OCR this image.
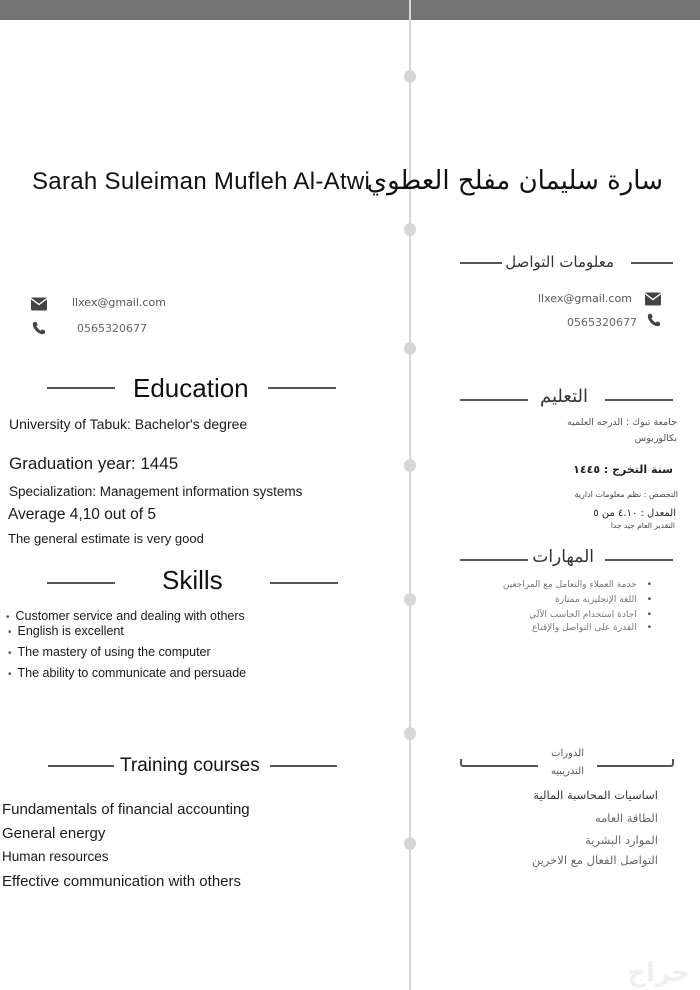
Sarah Suleiman Mufleh Al-Atwi
سارة سليمان مفلح العطوي
llxex@gmail.com
0565320677
معلومات التواصل
llxex@gmail.com
0565320677
Education
University of Tabuk: Bachelor's degree
Graduation year: 1445
Specialization: Management information systems
Average 4,10 out of 5
The general estimate is very good
التعليم
جامعة تبوك : الدرجه العلميه
بكالوريوس
سنة التخرج : ١٤٤٥
التخصص : نظم معلومات ادارية
المعدل : ٤.١٠ من ٥
التقدير العام جيد جدا
Skills
• Customer service and dealing with others
• English is excellent
• The mastery of using the computer
• The ability to communicate and persuade
المهارات
• خدمة العملاء والتعامل مع المراجعين
• اللغة الإنجليزيه ممتازة
• اجادة استخدام الحاسب الآلي
• القدرة على التواصل والإقناع
Training courses
Fundamentals of financial accounting
General energy
Human resources
Effective communication with others
الدورات
التدريبيه
اساسيات المحاسبة المالية
الطاقة العامه
الموارد البشرية
التواصل الفعال مع الاخرين
حراج
